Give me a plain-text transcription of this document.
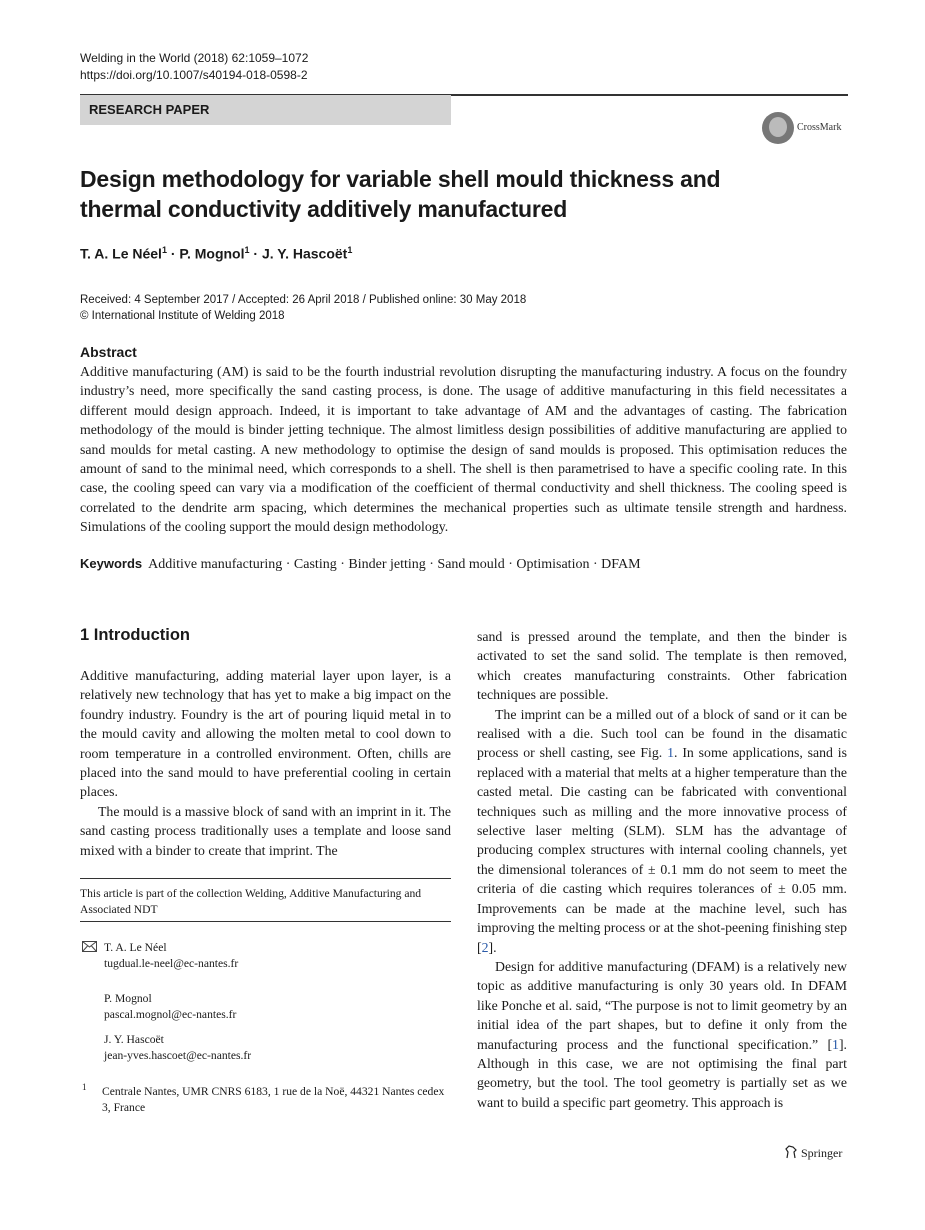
Welding in the World (2018) 62:1059–1072
https://doi.org/10.1007/s40194-018-0598-2
RESEARCH PAPER
CrossMark
Design methodology for variable shell mould thickness and thermal conductivity additively manufactured
T. A. Le Néel$^1$ · P. Mognol$^1$ · J. Y. Hascoët$^1$
Received: 4 September 2017 / Accepted: 26 April 2018 / Published online: 30 May 2018
© International Institute of Welding 2018
Abstract
Additive manufacturing (AM) is said to be the fourth industrial revolution disrupting the manufacturing industry. A focus on the foundry industry’s need, more specifically the sand casting process, is done. The usage of additive manufacturing in this field necessitates a different mould design approach. Indeed, it is important to take advantage of AM and the advantages of casting. The fabrication methodology of the mould is binder jetting technique. The almost limitless design possibilities of additive manufacturing are applied to sand moulds for metal casting. A new methodology to optimise the design of sand moulds is proposed. This optimisation reduces the amount of sand to the minimal need, which corresponds to a shell. The shell is then parametrised to have a specific cooling rate. In this case, the cooling speed can vary via a modification of the coefficient of thermal conductivity and shell thickness. The cooling speed is correlated to the dendrite arm spacing, which determines the mechanical properties such as ultimate tensile strength and hardness. Simulations of the cooling support the mould design methodology.
Keywords Additive manufacturing · Casting · Binder jetting · Sand mould · Optimisation · DFAM
1 Introduction

Additive manufacturing, adding material layer upon layer, is a relatively new technology that has yet to make a big impact on the foundry industry. Foundry is the art of pouring liquid metal in to the mould cavity and allowing the molten metal to cool down to room temperature in a controlled environment. Often, chills are placed into the sand mould to have preferential cooling in certain places.

The mould is a massive block of sand with an imprint in it. The sand casting process traditionally uses a template and loose sand mixed with a binder to create that imprint. The

This article is part of the collection Welding, Additive Manufacturing and Associated NDT
T. A. Le Néel
tugdual.le-neel@ec-nantes.fr
P. Mognol
pascal.mognol@ec-nantes.fr
J. Y. Hascoët
jean-yves.hascoet@ec-nantes.fr
1 Centrale Nantes, UMR CNRS 6183, 1 rue de la Noë, 44321 Nantes cedex 3, France

sand is pressed around the template, and then the binder is activated to set the sand solid. The template is then removed, which creates manufacturing constraints. Other fabrication techniques are possible.

The imprint can be a milled out of a block of sand or it can be realised with a die. Such tool can be found in the disamatic process or shell casting, see Fig. 1. In some applications, sand is replaced with a material that melts at a higher temperature than the casted metal. Die casting can be fabricated with conventional techniques such as milling and the more innovative process of selective laser melting (SLM). SLM has the advantage of producing complex structures with internal cooling channels, yet the dimensional tolerances of ± 0.1 mm do not seem to meet the criteria of die casting which requires tolerances of ± 0.05 mm. Improvements can be made at the machine level, such has improving the melting process or at the shot-peening finishing step [2].

Design for additive manufacturing (DFAM) is a relatively new topic as additive manufacturing is only 30 years old. In DFAM like Ponche et al. said, “The purpose is not to limit geometry by an initial idea of the part shapes, but to define it only from the manufacturing process and the functional specification.” [1]. Although in this case, we are not optimising the final part geometry, but the tool. The tool geometry is partially set as we want to build a specific part geometry. This approach is

Springer
